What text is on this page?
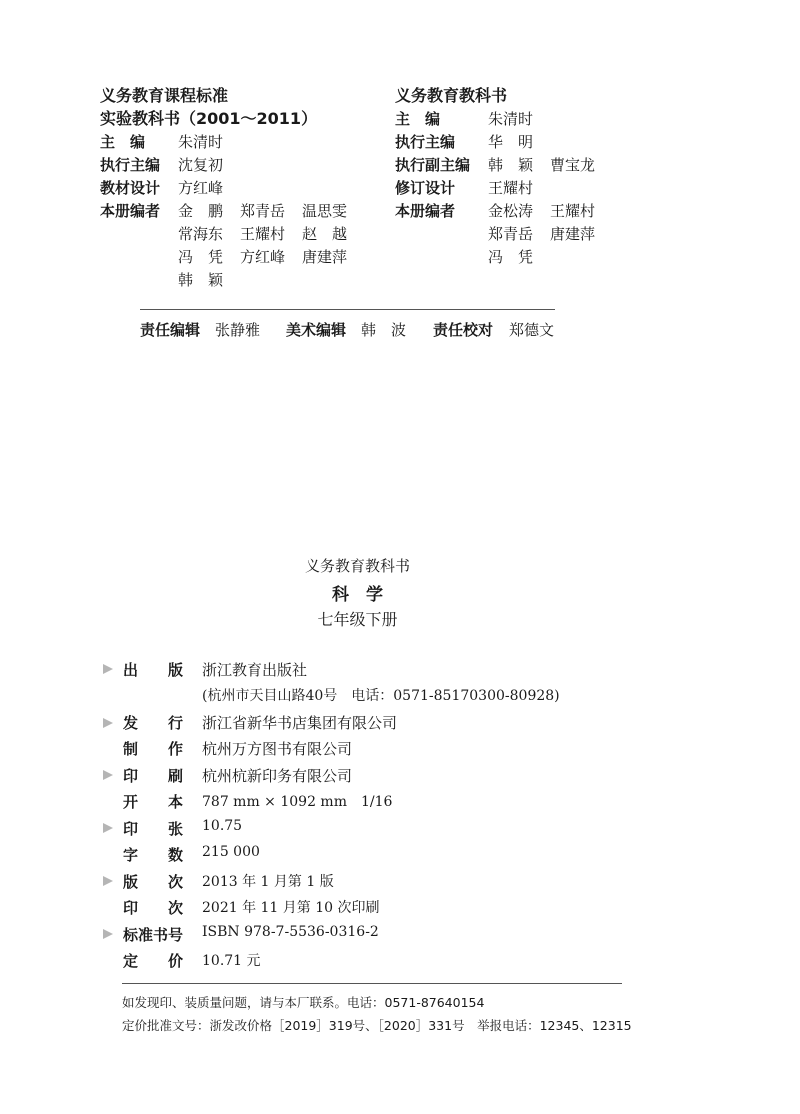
义务教育课程标准
实验教科书（2001～2011）
主　编 朱清时
执行主编 沈复初
教材设计 方红峰
本册编者 金　鹏 郑青岳 温思雯
常海东 王耀村 赵　越
冯　凭 方红峰 唐建萍
韩　颖
义务教育教科书
主　编	朱清时
执行主编 华　明
执行副主编 韩　颖 曹宝龙
修订设计 王耀村
本册编者 金松涛 王耀村
郑青岳 唐建萍
冯　凭
责任编辑 张静雅 美术编辑 韩　波 责任校对 郑德文
义务教育教科书
科　学
七年级下册
出　　版 浙江教育出版社
(杭州市天目山路40号　电话：0571-85170300-80928)
发　　行 浙江省新华书店集团有限公司
制　　作 杭州万方图书有限公司
印　　刷 杭州杭新印务有限公司
开　　本 787 mm × 1092 mm　1/16
印　　张 10.75
字　　数 215 000
版　　次 2013 年 1 月第 1 版
印　　次 2021 年 11 月第 10 次印刷
标准书号 ISBN 978-7-5536-0316-2
定　　价 10.71 元
如发现印、装质量问题，请与本厂联系。电话：0571-87640154
定价批准文号：浙发改价格［2019］319号、［2020］331号　举报电话：12345、12315
